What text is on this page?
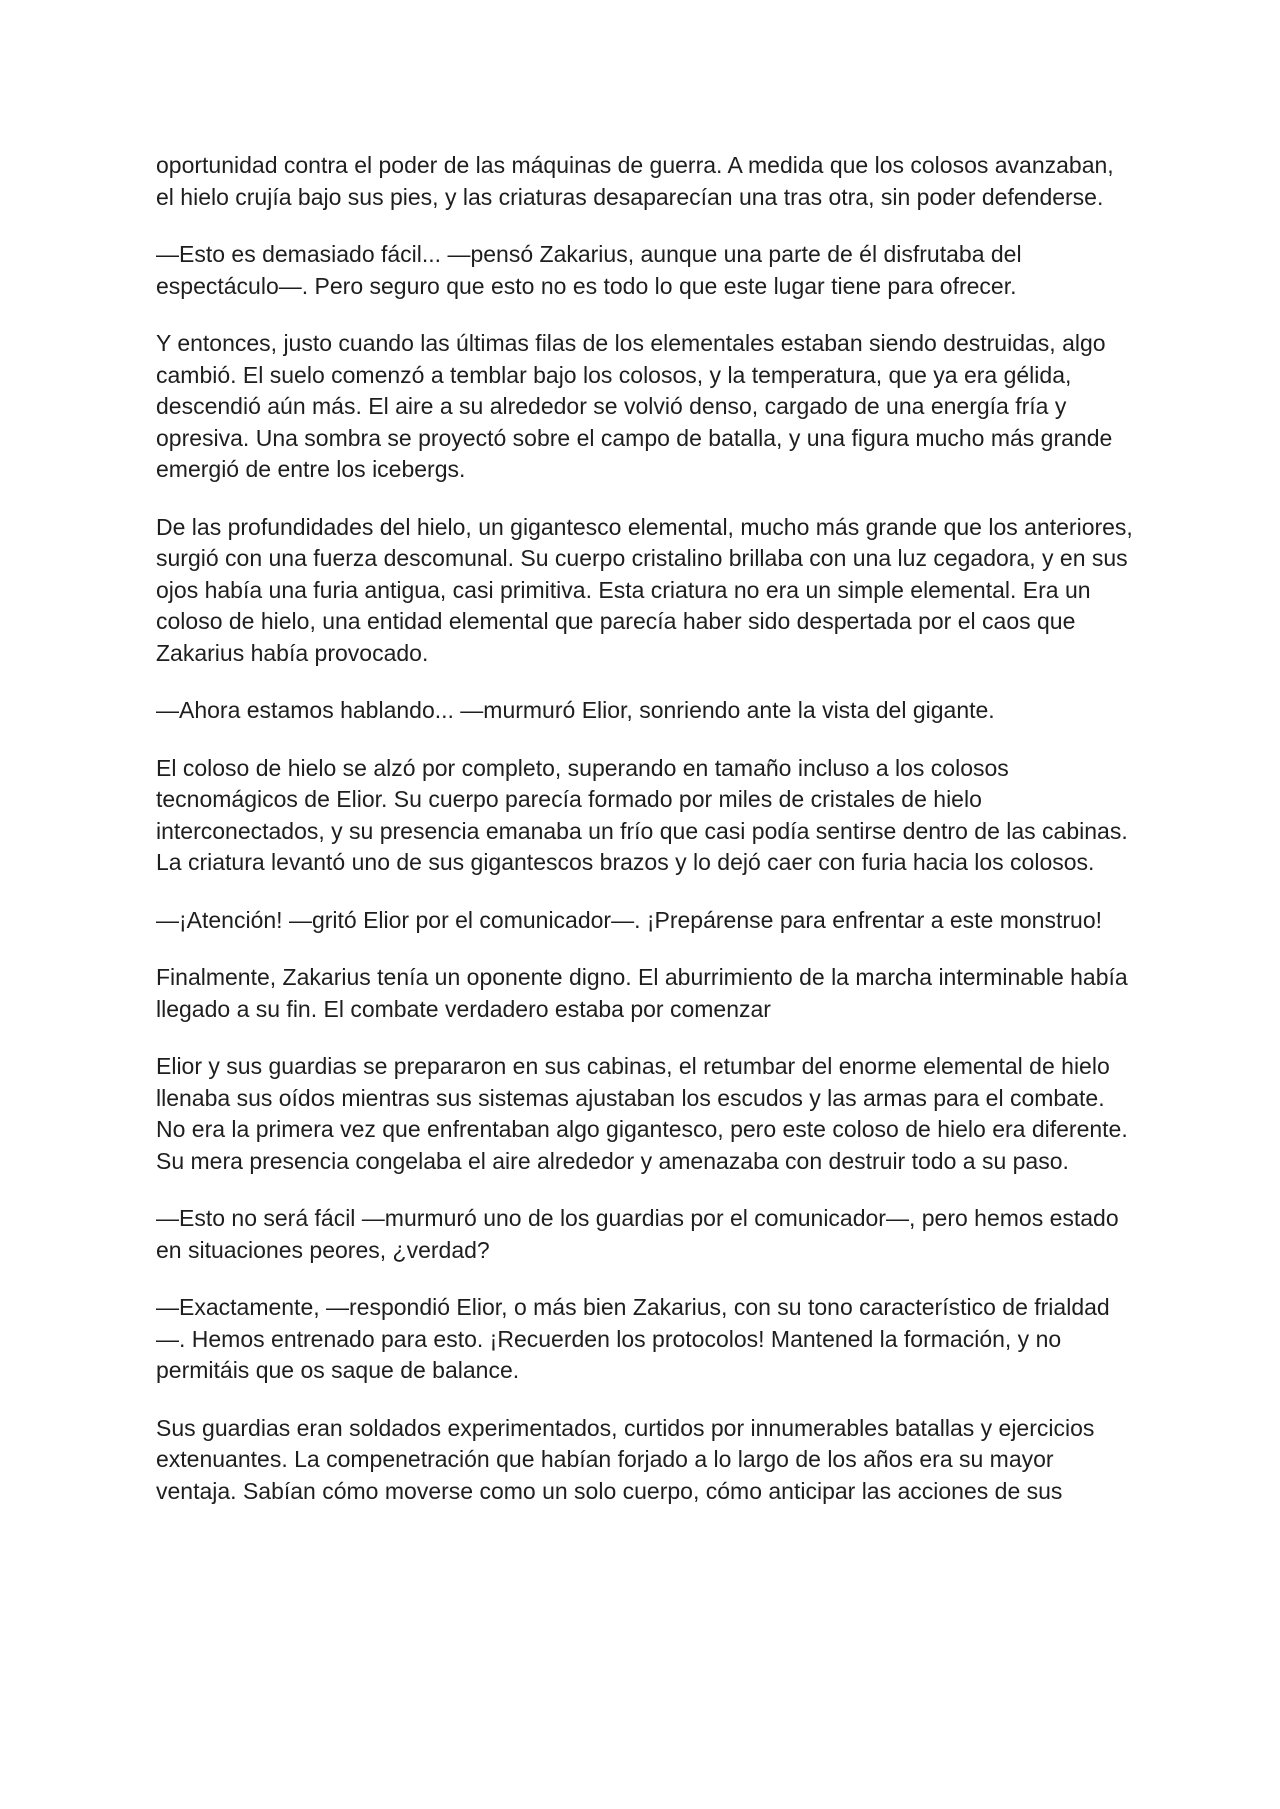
oportunidad contra el poder de las máquinas de guerra. A medida que los colosos avanzaban, el hielo crujía bajo sus pies, y las criaturas desaparecían una tras otra, sin poder defenderse.

—Esto es demasiado fácil... —pensó Zakarius, aunque una parte de él disfrutaba del espectáculo—. Pero seguro que esto no es todo lo que este lugar tiene para ofrecer.

Y entonces, justo cuando las últimas filas de los elementales estaban siendo destruidas, algo cambió. El suelo comenzó a temblar bajo los colosos, y la temperatura, que ya era gélida, descendió aún más. El aire a su alrededor se volvió denso, cargado de una energía fría y opresiva. Una sombra se proyectó sobre el campo de batalla, y una figura mucho más grande emergió de entre los icebergs.

De las profundidades del hielo, un gigantesco elemental, mucho más grande que los anteriores, surgió con una fuerza descomunal. Su cuerpo cristalino brillaba con una luz cegadora, y en sus ojos había una furia antigua, casi primitiva. Esta criatura no era un simple elemental. Era un coloso de hielo, una entidad elemental que parecía haber sido despertada por el caos que Zakarius había provocado.

—Ahora estamos hablando... —murmuró Elior, sonriendo ante la vista del gigante.

El coloso de hielo se alzó por completo, superando en tamaño incluso a los colosos tecnomágicos de Elior. Su cuerpo parecía formado por miles de cristales de hielo interconectados, y su presencia emanaba un frío que casi podía sentirse dentro de las cabinas. La criatura levantó uno de sus gigantescos brazos y lo dejó caer con furia hacia los colosos.

—¡Atención! —gritó Elior por el comunicador—. ¡Prepárense para enfrentar a este monstruo!

Finalmente, Zakarius tenía un oponente digno. El aburrimiento de la marcha interminable había llegado a su fin. El combate verdadero estaba por comenzar

Elior y sus guardias se prepararon en sus cabinas, el retumbar del enorme elemental de hielo llenaba sus oídos mientras sus sistemas ajustaban los escudos y las armas para el combate. No era la primera vez que enfrentaban algo gigantesco, pero este coloso de hielo era diferente. Su mera presencia congelaba el aire alrededor y amenazaba con destruir todo a su paso.

—Esto no será fácil —murmuró uno de los guardias por el comunicador—, pero hemos estado en situaciones peores, ¿verdad?

—Exactamente, —respondió Elior, o más bien Zakarius, con su tono característico de frialdad—. Hemos entrenado para esto. ¡Recuerden los protocolos! Mantened la formación, y no permitáis que os saque de balance.

Sus guardias eran soldados experimentados, curtidos por innumerables batallas y ejercicios extenuantes. La compenetración que habían forjado a lo largo de los años era su mayor ventaja. Sabían cómo moverse como un solo cuerpo, cómo anticipar las acciones de sus
